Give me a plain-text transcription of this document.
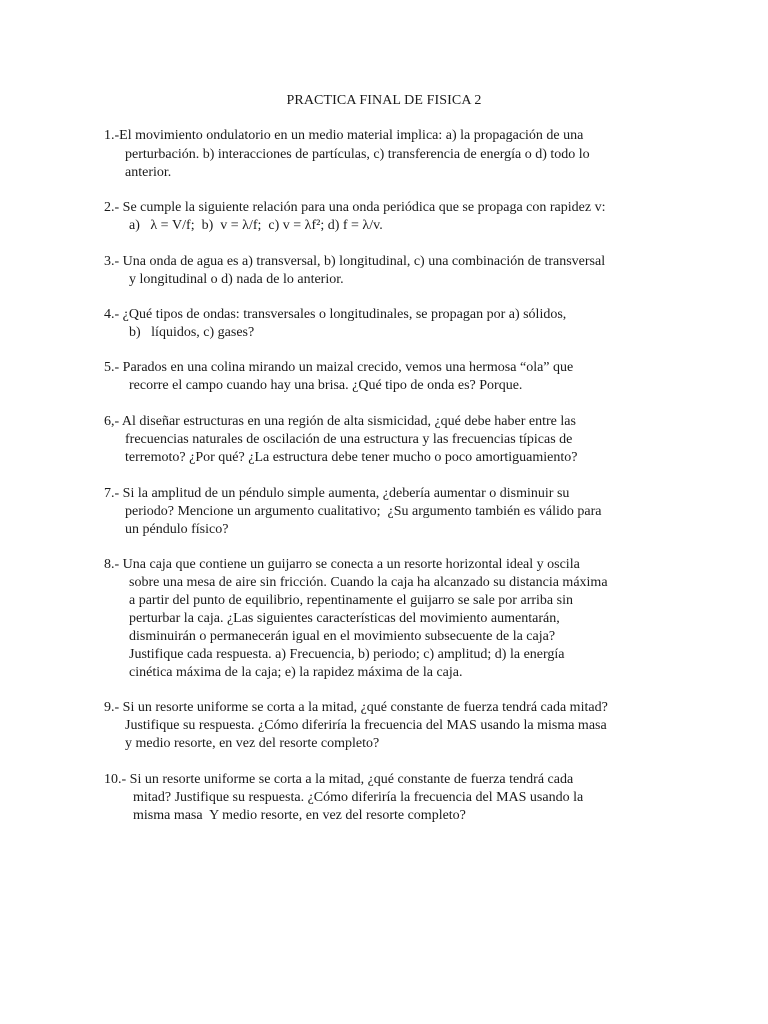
PRACTICA FINAL DE FISICA 2
1.-El movimiento ondulatorio en un medio material implica: a) la propagación de una
perturbación. b) interacciones de partículas, c) transferencia de energía o d) todo lo
anterior.
2.- Se cumple la siguiente relación para una onda periódica que se propaga con rapidez v:
a)   λ = V/f;  b)  v = λ/f;  c) v = λf²; d) f = λ/v.
3.- Una onda de agua es a) transversal, b) longitudinal, c) una combinación de transversal
y longitudinal o d) nada de lo anterior.
4.- ¿Qué tipos de ondas: transversales o longitudinales, se propagan por a) sólidos,
b)   líquidos, c) gases?
5.- Parados en una colina mirando un maizal crecido, vemos una hermosa “ola” que
recorre el campo cuando hay una brisa. ¿Qué tipo de onda es? Porque.
6,- Al diseñar estructuras en una región de alta sismicidad, ¿qué debe haber entre las
frecuencias naturales de oscilación de una estructura y las frecuencias típicas de
terremoto? ¿Por qué? ¿La estructura debe tener mucho o poco amortiguamiento?
7.- Si la amplitud de un péndulo simple aumenta, ¿debería aumentar o disminuir su
periodo? Mencione un argumento cualitativo;  ¿Su argumento también es válido para
un péndulo físico?
8.- Una caja que contiene un guijarro se conecta a un resorte horizontal ideal y oscila
sobre una mesa de aire sin fricción. Cuando la caja ha alcanzado su distancia máxima
a partir del punto de equilibrio, repentinamente el guijarro se sale por arriba sin
perturbar la caja. ¿Las siguientes características del movimiento aumentarán,
disminuirán o permanecerán igual en el movimiento subsecuente de la caja?
Justifique cada respuesta. a) Frecuencia, b) periodo; c) amplitud; d) la energía
cinética máxima de la caja; e) la rapidez máxima de la caja.
9.- Si un resorte uniforme se corta a la mitad, ¿qué constante de fuerza tendrá cada mitad?
Justifique su respuesta. ¿Cómo diferiría la frecuencia del MAS usando la misma masa
y medio resorte, en vez del resorte completo?
10.- Si un resorte uniforme se corta a la mitad, ¿qué constante de fuerza tendrá cada
mitad? Justifique su respuesta. ¿Cómo diferiría la frecuencia del MAS usando la
misma masa  Y medio resorte, en vez del resorte completo?
